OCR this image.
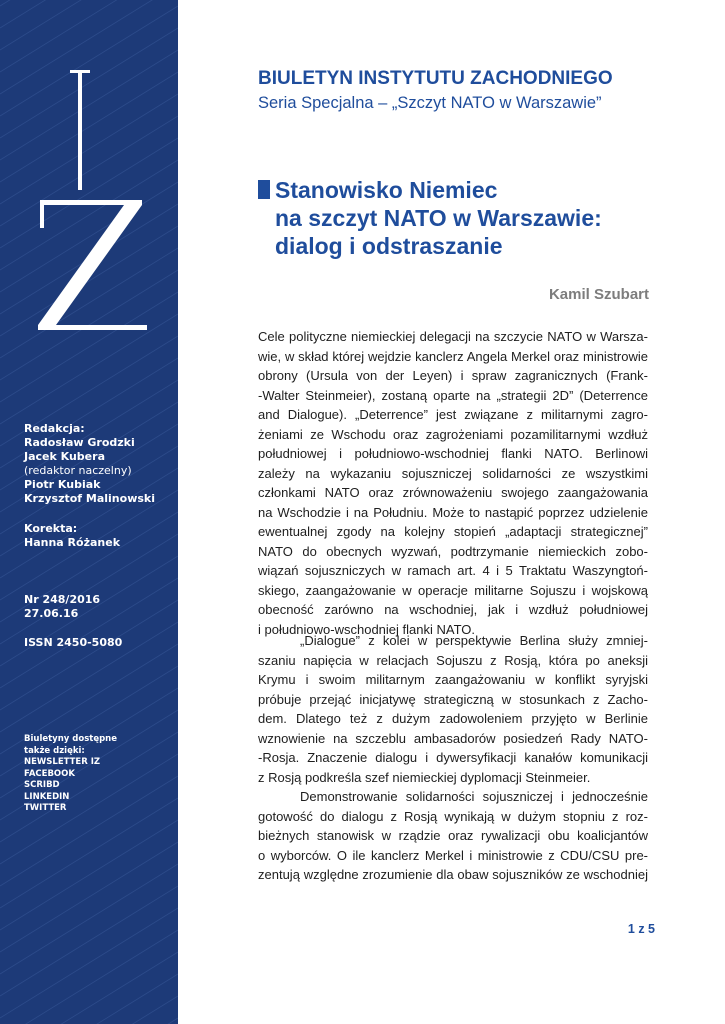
Redakcja:
Radosław Grodzki
Jacek Kubera
(redaktor naczelny)
Piotr Kubiak
Krzysztof Malinowski
Korekta:
Hanna Różanek
Nr 248/2016
27.06.16
ISSN 2450-5080
Biuletyny dostępne
także dzięki:
NEWSLETTER IZ
FACEBOOK
SCRIBD
LINKEDIN
TWITTER
BIULETYN INSTYTUTU ZACHODNIEGO
Seria Specjalna – „Szczyt NATO w Warszawie”
Stanowisko Niemiec
na szczyt NATO w Warszawie:
dialog i odstraszanie
Kamil Szubart
Cele polityczne niemieckiej delegacji na szczycie NATO w Warsza-
wie, w skład której wejdzie kanclerz Angela Merkel oraz ministrowie
obrony (Ursula von der Leyen) i spraw zagranicznych (Frank-
-Walter Steinmeier), zostaną oparte na „strategii 2D” (Deterrence
and Dialogue). „Deterrence” jest związane z militarnymi zagro-
żeniami ze Wschodu oraz zagrożeniami pozamilitarnymi wzdłuż
południowej i południowo-wschodniej flanki NATO. Berlinowi
zależy na wykazaniu sojuszniczej solidarności ze wszystkimi
członkami NATO oraz zrównoważeniu swojego zaangażowania
na Wschodzie i na Południu. Może to nastąpić poprzez udzielenie
ewentualnej zgody na kolejny stopień „adaptacji strategicznej”
NATO do obecnych wyzwań, podtrzymanie niemieckich zobo-
wiązań sojuszniczych w ramach art. 4 i 5 Traktatu Waszyngtoń-
skiego, zaangażowanie w operacje militarne Sojuszu i wojskową
obecność zarówno na wschodniej, jak i wzdłuż południowej
i południowo-wschodniej flanki NATO.
„Dialogue” z kolei w perspektywie Berlina służy zmniej-
szaniu napięcia w relacjach Sojuszu z Rosją, która po aneksji
Krymu i swoim militarnym zaangażowaniu w konflikt syryjski
próbuje przejąć inicjatywę strategiczną w stosunkach z Zacho-
dem. Dlatego też z dużym zadowoleniem przyjęto w Berlinie
wznowienie na szczeblu ambasadorów posiedzeń Rady NATO-
-Rosja. Znaczenie dialogu i dywersyfikacji kanałów komunikacji
z Rosją podkreśla szef niemieckiej dyplomacji Steinmeier.
Demonstrowanie solidarności sojuszniczej i jednocześnie
gotowość do dialogu z Rosją wynikają w dużym stopniu z roz-
bieżnych stanowisk w rządzie oraz rywalizacji obu koalicjantów
o wyborców. O ile kanclerz Merkel i ministrowie z CDU/CSU pre-
zentują względne zrozumienie dla obaw sojuszników ze wschodniej
1 z 5
